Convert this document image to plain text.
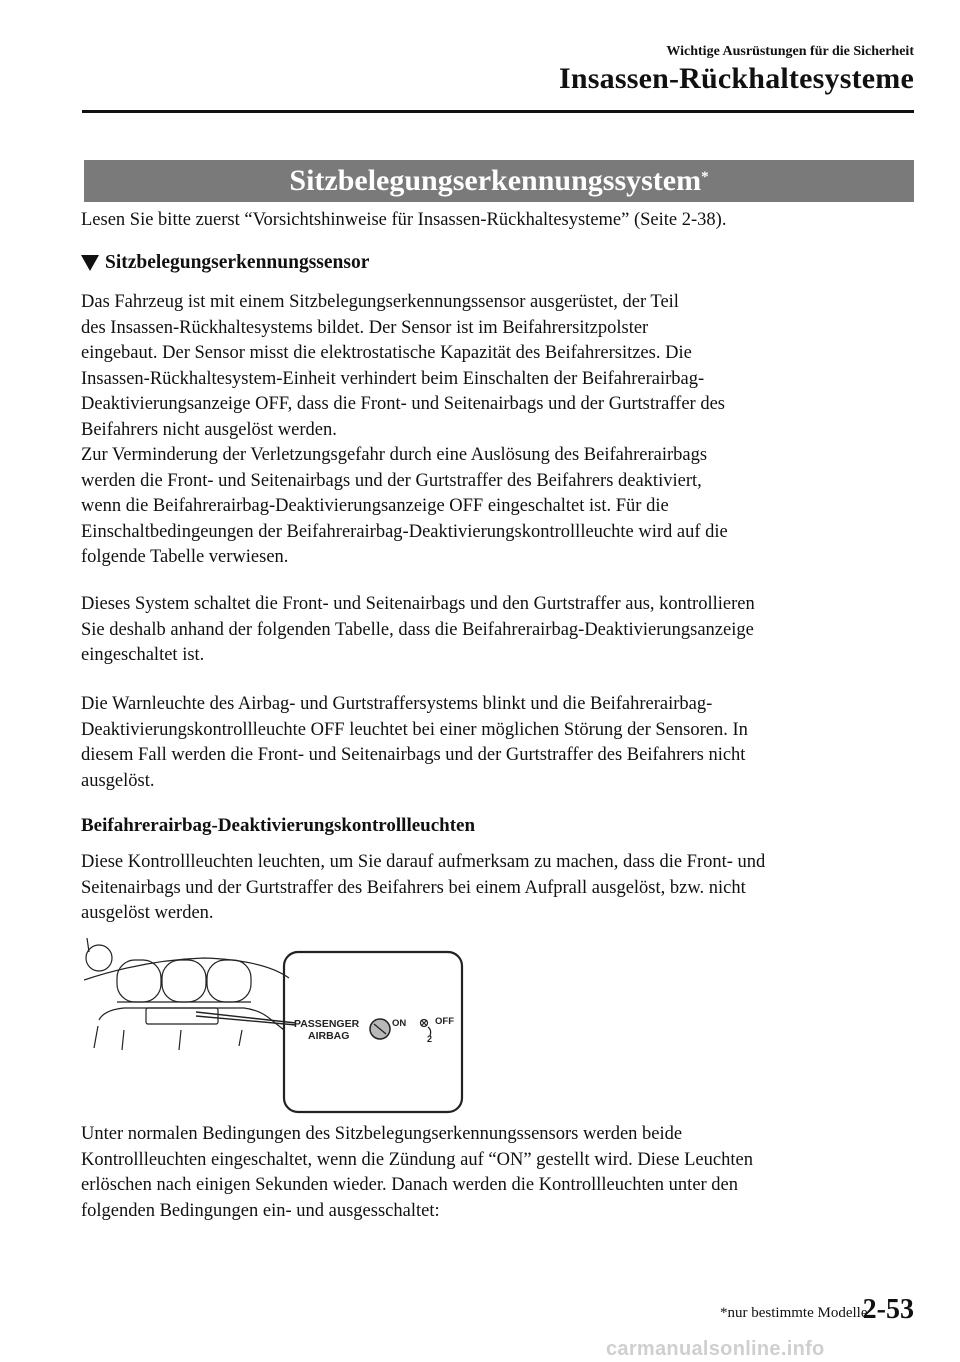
Wichtige Ausrüstungen für die Sicherheit
Insassen-Rückhaltesysteme
Sitzbelegungserkennungssystem*
Lesen Sie bitte zuerst “Vorsichtshinweise für Insassen-Rückhaltesysteme” (Seite 2-38).
Sitzbelegungserkennungssensor
Das Fahrzeug ist mit einem Sitzbelegungserkennungssensor ausgerüstet, der Teil
des Insassen-Rückhaltesystems bildet. Der Sensor ist im Beifahrersitzpolster
eingebaut. Der Sensor misst die elektrostatische Kapazität des Beifahrersitzes. Die
Insassen-Rückhaltesystem-Einheit verhindert beim Einschalten der Beifahrerairbag-
Deaktivierungsanzeige OFF, dass die Front- und Seitenairbags und der Gurtstraffer des
Beifahrers nicht ausgelöst werden.
Zur Verminderung der Verletzungsgefahr durch eine Auslösung des Beifahrerairbags
werden die Front- und Seitenairbags und der Gurtstraffer des Beifahrers deaktiviert,
wenn die Beifahrerairbag-Deaktivierungsanzeige OFF eingeschaltet ist. Für die
Einschaltbedingeungen der Beifahrerairbag-Deaktivierungskontrollleuchte wird auf die
folgende Tabelle verwiesen.
Dieses System schaltet die Front- und Seitenairbags und den Gurtstraffer aus, kontrollieren
Sie deshalb anhand der folgenden Tabelle, dass die Beifahrerairbag-Deaktivierungsanzeige
eingeschaltet ist.
Die Warnleuchte des Airbag- und Gurtstraffersystems blinkt und die Beifahrerairbag-
Deaktivierungskontrollleuchte OFF leuchtet bei einer möglichen Störung der Sensoren. In
diesem Fall werden die Front- und Seitenairbags und der Gurtstraffer des Beifahrers nicht
ausgelöst.
Beifahrerairbag-Deaktivierungskontrollleuchten
Diese Kontrollleuchten leuchten, um Sie darauf aufmerksam zu machen, dass die Front- und
Seitenairbags und der Gurtstraffer des Beifahrers bei einem Aufprall ausgelöst, bzw. nicht
ausgelöst werden.
PASSENGER
AIRBAG
ON	OFF
2
Unter normalen Bedingungen des Sitzbelegungserkennungssensors werden beide
Kontrollleuchten eingeschaltet, wenn die Zündung auf “ON” gestellt wird. Diese Leuchten
erlöschen nach einigen Sekunden wieder. Danach werden die Kontrollleuchten unter den
folgenden Bedingungen ein- und ausgesschaltet:
*nur bestimmte Modelle
2-53
carmanualsonline.info
